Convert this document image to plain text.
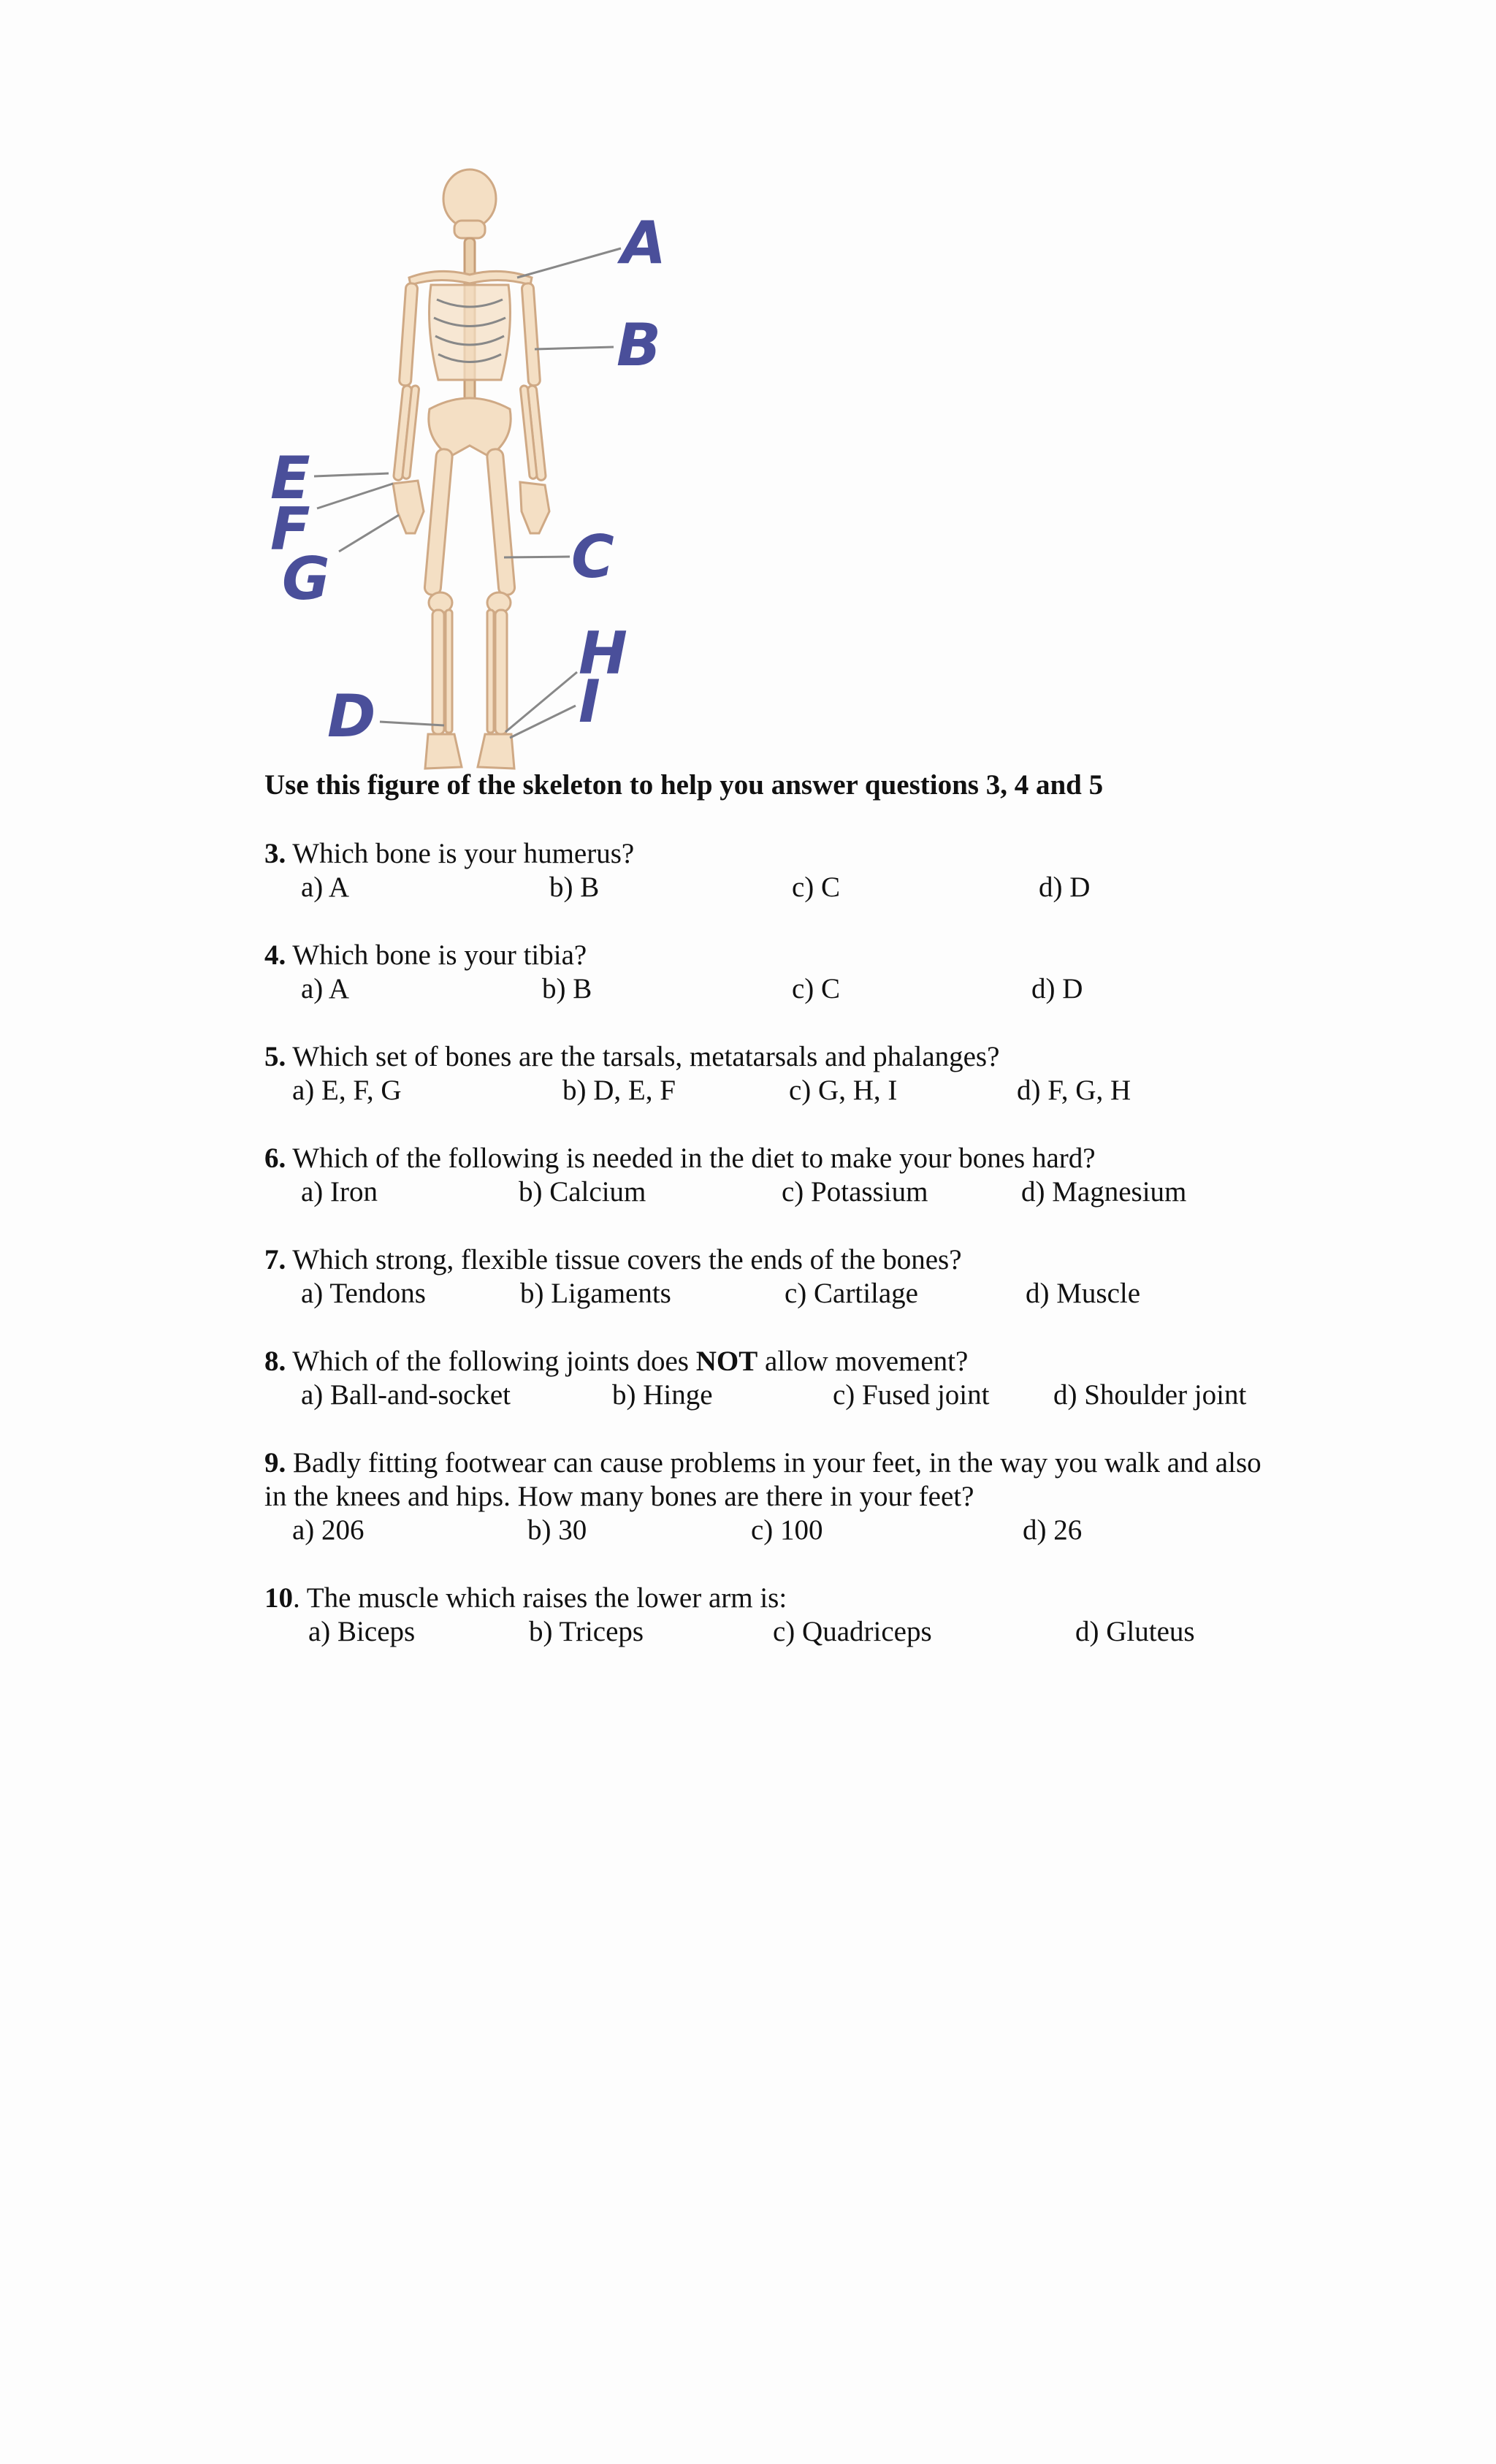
A
B
C
D
E
F
G
H
I
Use this figure of the skeleton to help you answer questions 3, 4 and 5
3. Which bone is your humerus?
a) A	b) B	c) C	d) D
4. Which bone is your tibia?
a) A	b) B	c) C	d) D
5. Which set of bones are the tarsals, metatarsals and phalanges?
a) E, F, G	b) D, E, F	c) G, H, I	d) F, G, H
6. Which of the following is needed in the diet to make your bones hard?
a) Iron	b) Calcium	c) Potassium	d) Magnesium
7. Which strong, flexible tissue covers the ends of the bones?
a) Tendons	b) Ligaments	c) Cartilage	d) Muscle
8. Which of the following joints does NOT allow movement?
a) Ball-and-socket	b) Hinge	c) Fused joint d) Shoulder joint
9. Badly fitting footwear can cause problems in your feet, in the way you walk and also in the knees and hips. How many bones are there in your feet?
a) 206	b) 30	c) 100	d) 26
10. The muscle which raises the lower arm is:
a) Biceps	b) Triceps	c) Quadriceps	d) Gluteus
